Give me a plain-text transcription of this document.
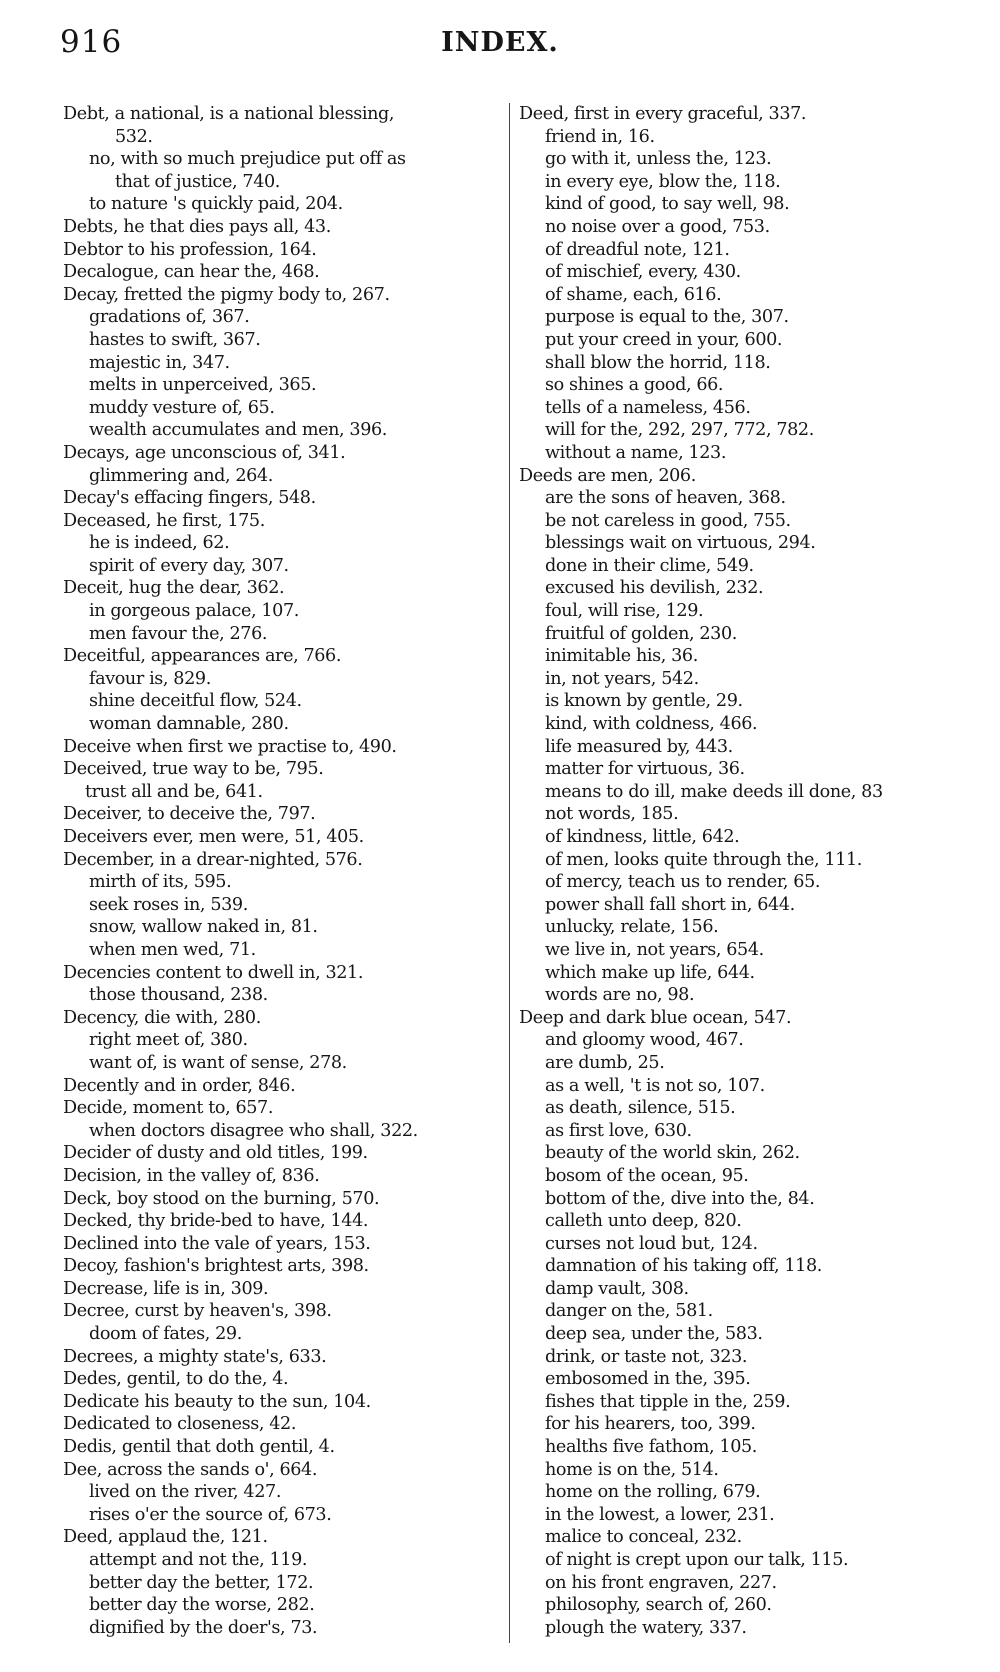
916	INDEX.
Debt, a national, is a national blessing,
532.
no, with so much prejudice put off as
that of justice, 740.
to nature 's quickly paid, 204.
Debts, he that dies pays all, 43.
Debtor to his profession, 164.
Decalogue, can hear the, 468.
Decay, fretted the pigmy body to, 267.
gradations of, 367.
hastes to swift, 367.
majestic in, 347.
melts in unperceived, 365.
muddy vesture of, 65.
wealth accumulates and men, 396.
Decays, age unconscious of, 341.
glimmering and, 264.
Decay's effacing fingers, 548.
Deceased, he first, 175.
he is indeed, 62.
spirit of every day, 307.
Deceit, hug the dear, 362.
in gorgeous palace, 107.
men favour the, 276.
Deceitful, appearances are, 766.
favour is, 829.
shine deceitful flow, 524.
woman damnable, 280.
Deceive when first we practise to, 490.
Deceived, true way to be, 795.
trust all and be, 641.
Deceiver, to deceive the, 797.
Deceivers ever, men were, 51, 405.
December, in a drear-nighted, 576.
mirth of its, 595.
seek roses in, 539.
snow, wallow naked in, 81.
when men wed, 71.
Decencies content to dwell in, 321.
those thousand, 238.
Decency, die with, 280.
right meet of, 380.
want of, is want of sense, 278.
Decently and in order, 846.
Decide, moment to, 657.
when doctors disagree who shall, 322.
Decider of dusty and old titles, 199.
Decision, in the valley of, 836.
Deck, boy stood on the burning, 570.
Decked, thy bride-bed to have, 144.
Declined into the vale of years, 153.
Decoy, fashion's brightest arts, 398.
Decrease, life is in, 309.
Decree, curst by heaven's, 398.
doom of fates, 29.
Decrees, a mighty state's, 633.
Dedes, gentil, to do the, 4.
Dedicate his beauty to the sun, 104.
Dedicated to closeness, 42.
Dedis, gentil that doth gentil, 4.
Dee, across the sands o', 664.
lived on the river, 427.
rises o'er the source of, 673.
Deed, applaud the, 121.
attempt and not the, 119.
better day the better, 172.
better day the worse, 282.
dignified by the doer's, 73.
Deed, first in every graceful, 337.
friend in, 16.
go with it, unless the, 123.
in every eye, blow the, 118.
kind of good, to say well, 98.
no noise over a good, 753.
of dreadful note, 121.
of mischief, every, 430.
of shame, each, 616.
purpose is equal to the, 307.
put your creed in your, 600.
shall blow the horrid, 118.
so shines a good, 66.
tells of a nameless, 456.
will for the, 292, 297, 772, 782.
without a name, 123.
Deeds are men, 206.
are the sons of heaven, 368.
be not careless in good, 755.
blessings wait on virtuous, 294.
done in their clime, 549.
excused his devilish, 232.
foul, will rise, 129.
fruitful of golden, 230.
inimitable his, 36.
in, not years, 542.
is known by gentle, 29.
kind, with coldness, 466.
life measured by, 443.
matter for virtuous, 36.
means to do ill, make deeds ill done, 83
not words, 185.
of kindness, little, 642.
of men, looks quite through the, 111.
of mercy, teach us to render, 65.
power shall fall short in, 644.
unlucky, relate, 156.
we live in, not years, 654.
which make up life, 644.
words are no, 98.
Deep and dark blue ocean, 547.
and gloomy wood, 467.
are dumb, 25.
as a well, 't is not so, 107.
as death, silence, 515.
as first love, 630.
beauty of the world skin, 262.
bosom of the ocean, 95.
bottom of the, dive into the, 84.
calleth unto deep, 820.
curses not loud but, 124.
damnation of his taking off, 118.
damp vault, 308.
danger on the, 581.
deep sea, under the, 583.
drink, or taste not, 323.
embosomed in the, 395.
fishes that tipple in the, 259.
for his hearers, too, 399.
healths five fathom, 105.
home is on the, 514.
home on the rolling, 679.
in the lowest, a lower, 231.
malice to conceal, 232.
of night is crept upon our talk, 115.
on his front engraven, 227.
philosophy, search of, 260.
plough the watery, 337.
